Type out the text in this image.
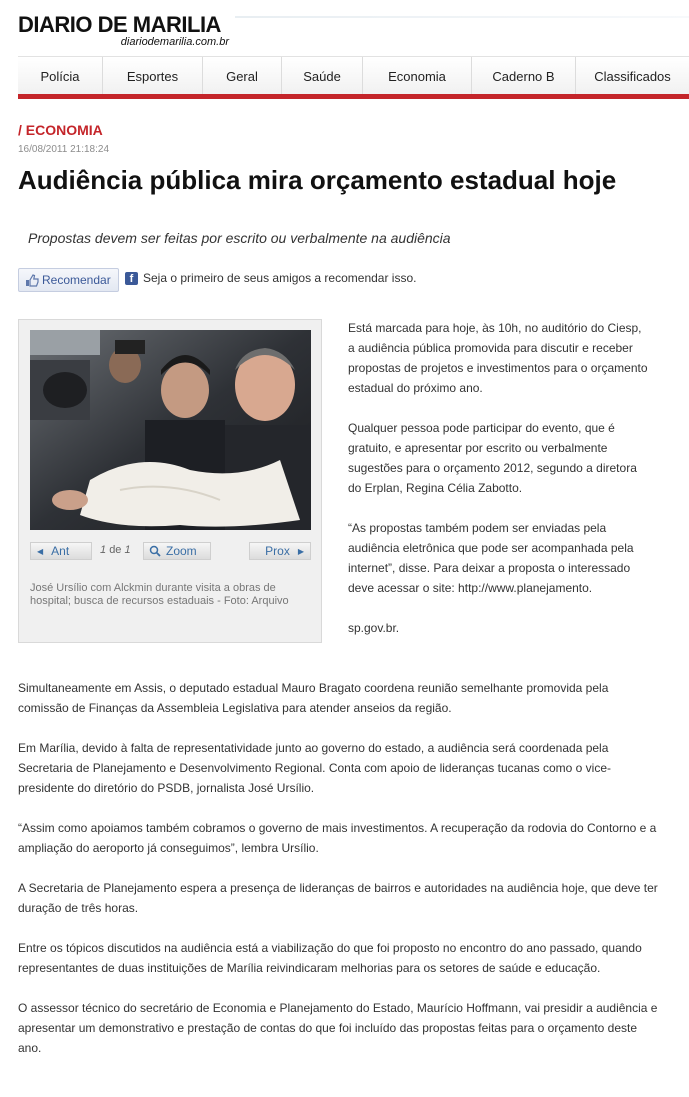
DIARIO DE MARILIA
diariodemarilia.com.br
Polícia	Esportes	Geral	Saúde	Economia	Caderno B	Classificados
/ ECONOMIA
16/08/2011 21:18:24
Audiência pública mira orçamento estadual hoje
Propostas devem ser feitas por escrito ou verbalmente na audiência
Recomendar	f Seja o primeiro de seus amigos a recomendar isso.
◀ Ant	1 de 1	Zoom	Prox ▶
José Ursílio com Alckmin durante visita a obras de hospital; busca de recursos estaduais - Foto: Arquivo

Está marcada para hoje, às 10h, no auditório do Ciesp, a audiência pública promovida para discutir e receber propostas de projetos e investimentos para o orçamento estadual do próximo ano.

Qualquer pessoa pode participar do evento, que é gratuito, e apresentar por escrito ou verbalmente sugestões para o orçamento 2012, segundo a diretora do Erplan, Regina Célia Zabotto.

“As propostas também podem ser enviadas pela audiência eletrônica que pode ser acompanhada pela internet”, disse. Para deixar a proposta o interessado deve acessar o site: http://www.planejamento.

sp.gov.br.

Simultaneamente em Assis, o deputado estadual Mauro Bragato coordena reunião semelhante promovida pela comissão de Finanças da Assembleia Legislativa para atender anseios da região.

Em Marília, devido à falta de representatividade junto ao governo do estado, a audiência será coordenada pela Secretaria de Planejamento e Desenvolvimento Regional. Conta com apoio de lideranças tucanas como o vice-presidente do diretório do PSDB, jornalista José Ursílio.

“Assim como apoiamos também cobramos o governo de mais investimentos. A recuperação da rodovia do Contorno e a ampliação do aeroporto já conseguimos”, lembra Ursílio.

A Secretaria de Planejamento espera a presença de lideranças de bairros e autoridades na audiência hoje, que deve ter duração de três horas.

Entre os tópicos discutidos na audiência está a viabilização do que foi proposto no encontro do ano passado, quando representantes de duas instituições de Marília reivindicaram melhorias para os setores de saúde e educação.

O assessor técnico do secretário de Economia e Planejamento do Estado, Maurício Hoffmann, vai presidir a audiência e apresentar um demonstrativo e prestação de contas do que foi incluído das propostas feitas para o orçamento deste ano.
